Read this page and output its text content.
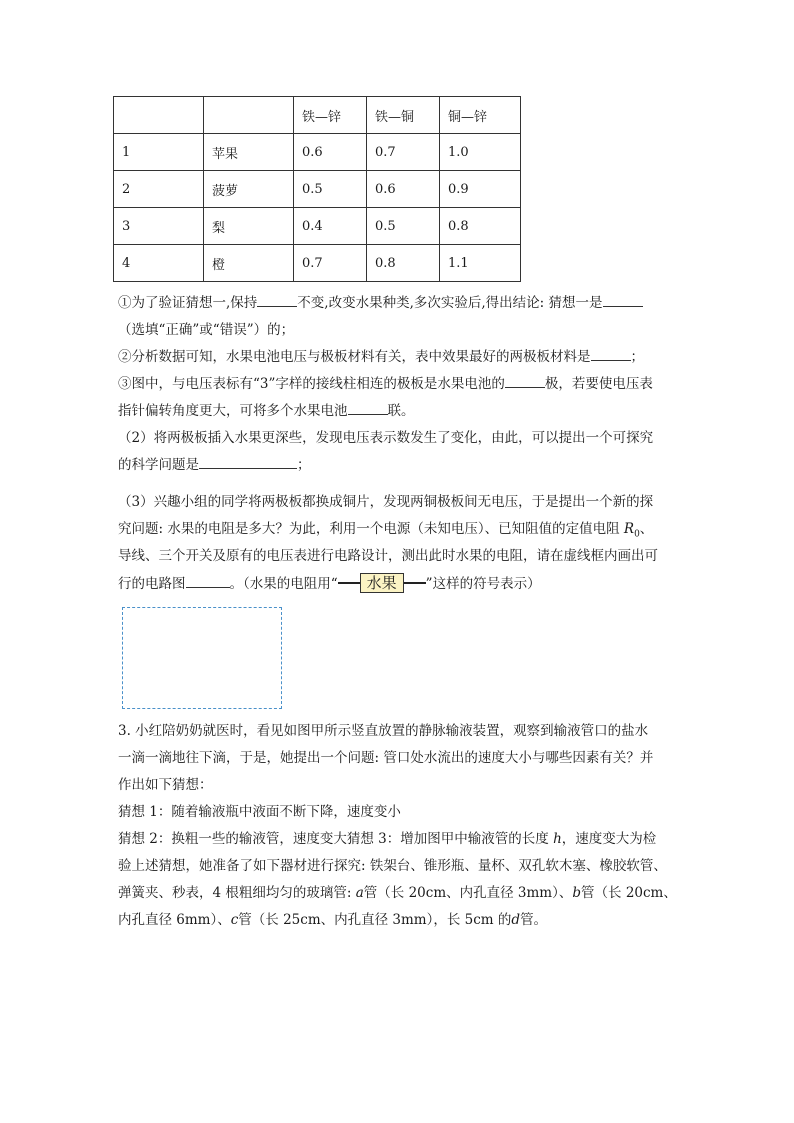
		铁—锌	铁—铜	铜—锌
1	苹果	0.6	0.7	1.0
2	菠萝	0.5	0.6	0.9
3	梨	0.4	0.5	0.8
4	橙	0.7	0.8	1.1
①为了验证猜想一,保持	不变,改变水果种类,多次实验后,得出结论: 猜想一是
（选填“正确”或“错误”）的；
②分析数据可知，水果电池电压与极板材料有关，表中效果最好的两极板材料是	；
③图中，与电压表标有“3”字样的接线柱相连的极板是水果电池的	极，若要使电压表
指针偏转角度更大，可将多个水果电池	联。
（2）将两极板插入水果更深些，发现电压表示数发生了变化，由此，可以提出一个可探究
的科学问题是	；
（3）兴趣小组的同学将两极板都换成铜片，发现两铜极板间无电压，于是提出一个新的探
究问题: 水果的电阻是多大？为此，利用一个电源（未知电压）、已知阻值的定值电阻 $R_0$、
导线、三个开关及原有的电压表进行电路设计，测出此时水果的电阻，请在虚线框内画出可
行的电路图	。（水果的电阻用“ 水果 ”这样的符号表示）
3. 小红陪奶奶就医时，看见如图甲所示竖直放置的静脉输液装置，观察到输液管口的盐水
一滴一滴地往下滴，于是，她提出一个问题: 管口处水流出的速度大小与哪些因素有关？并
作出如下猜想：
猜想 1：随着输液瓶中液面不断下降，速度变小
猜想 2：换粗一些的输液管，速度变大猜想 3：增加图甲中输液管的长度 h，速度变大为检
验上述猜想，她准备了如下器材进行探究: 铁架台、锥形瓶、量杯、双孔软木塞、橡胶软管、
弹簧夹、秒表，4 根粗细均匀的玻璃管: a管（长 20cm、内孔直径 3mm）、b管（长 20cm、
内孔直径 6mm）、c管（长 25cm、内孔直径 3mm），长 5cm 的d管。
